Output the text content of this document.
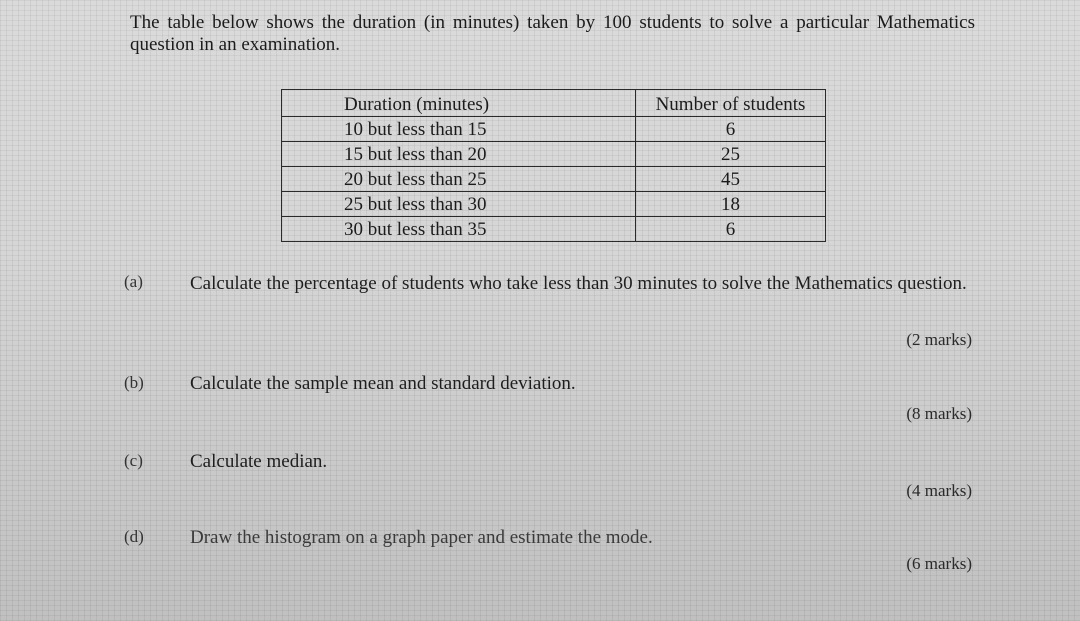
The table below shows the duration (in minutes) taken by 100 students to solve a particular Mathematics question in an examination.
Duration (minutes)	Number of students
10 but less than 15	6
15 but less than 20	25
20 but less than 25	45
25 but less than 30	18
30 but less than 35	6
(a) Calculate the percentage of students who take less than 30 minutes to solve the Mathematics question.
(2 marks)
(b) Calculate the sample mean and standard deviation.
(8 marks)
(c) Calculate median.
(4 marks)
(d) Draw the histogram on a graph paper and estimate the mode.
(6 marks)
